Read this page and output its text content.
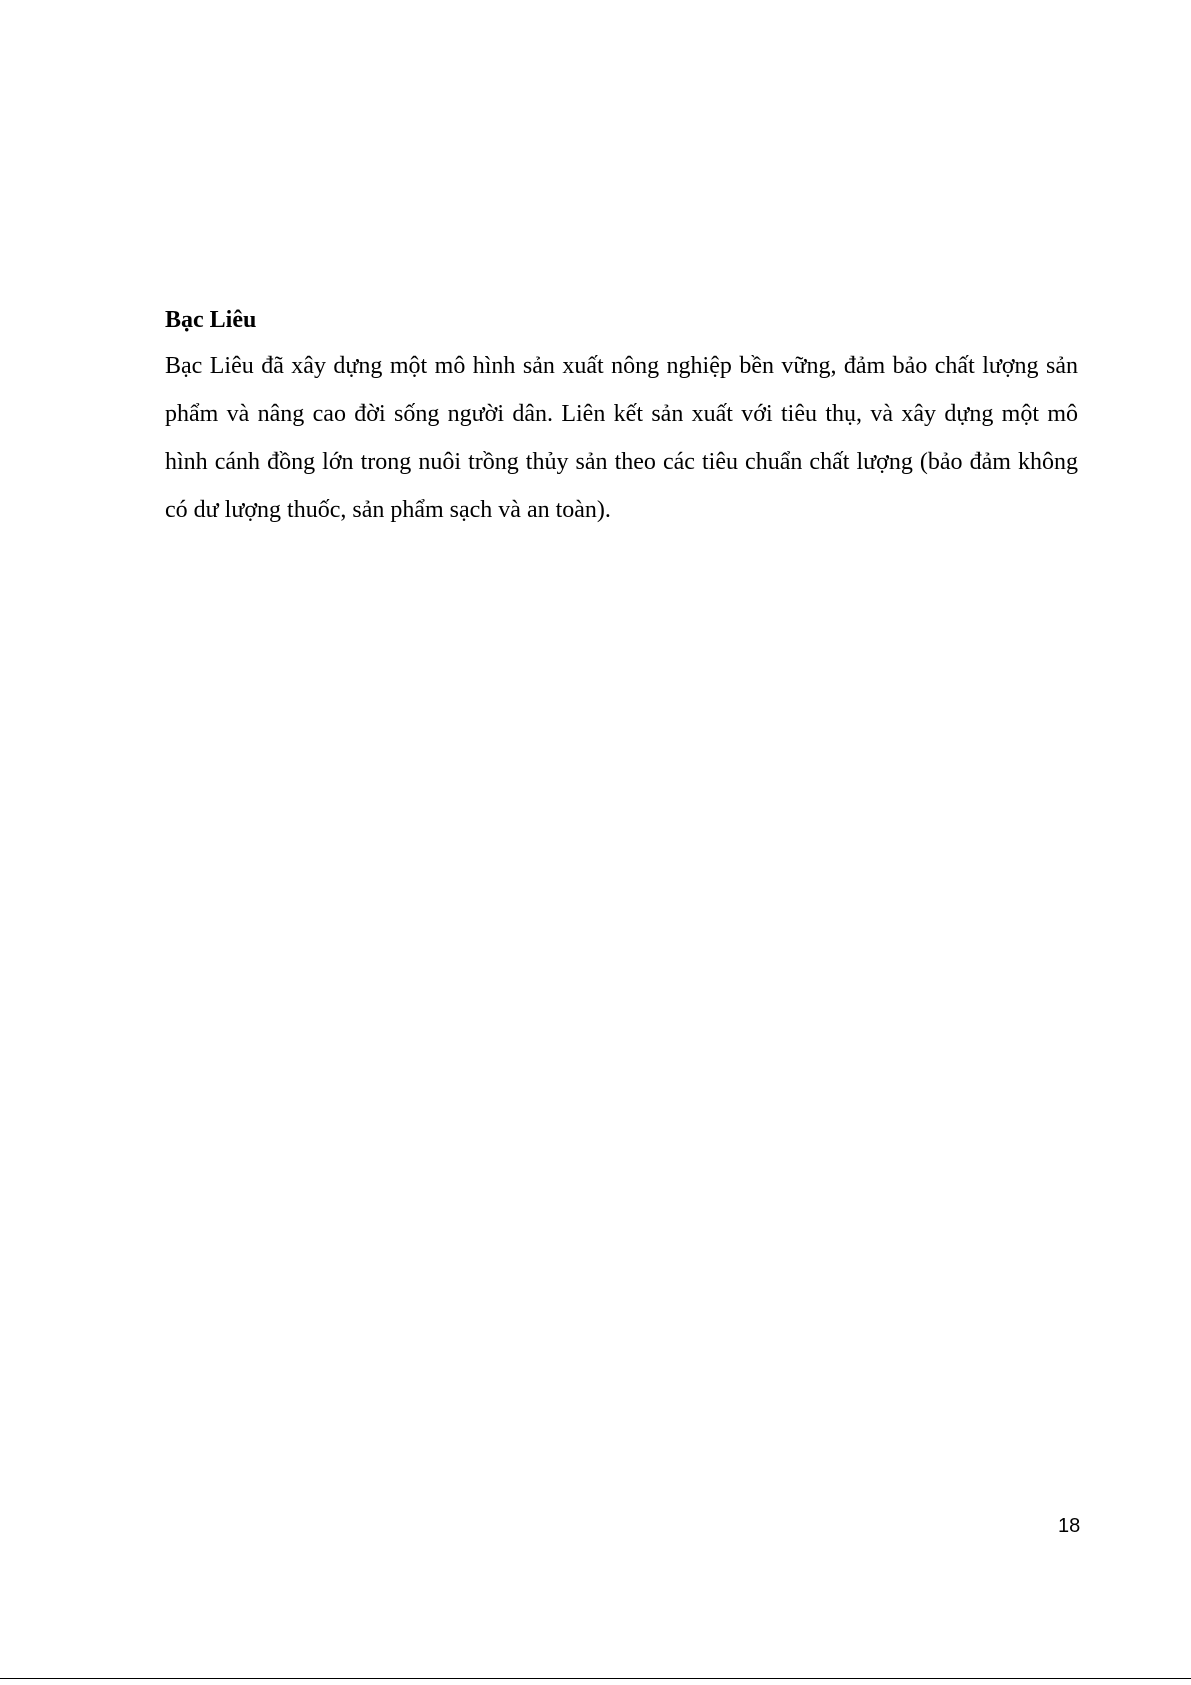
Bạc Liêu

Bạc Liêu đã xây dựng một mô hình sản xuất nông nghiệp bền vững, đảm bảo chất lượng sản phẩm và nâng cao đời sống người dân. Liên kết sản xuất với tiêu thụ, và xây dựng một mô hình cánh đồng lớn trong nuôi trồng thủy sản theo các tiêu chuẩn chất lượng (bảo đảm không có dư lượng thuốc, sản phẩm sạch và an toàn).

18
